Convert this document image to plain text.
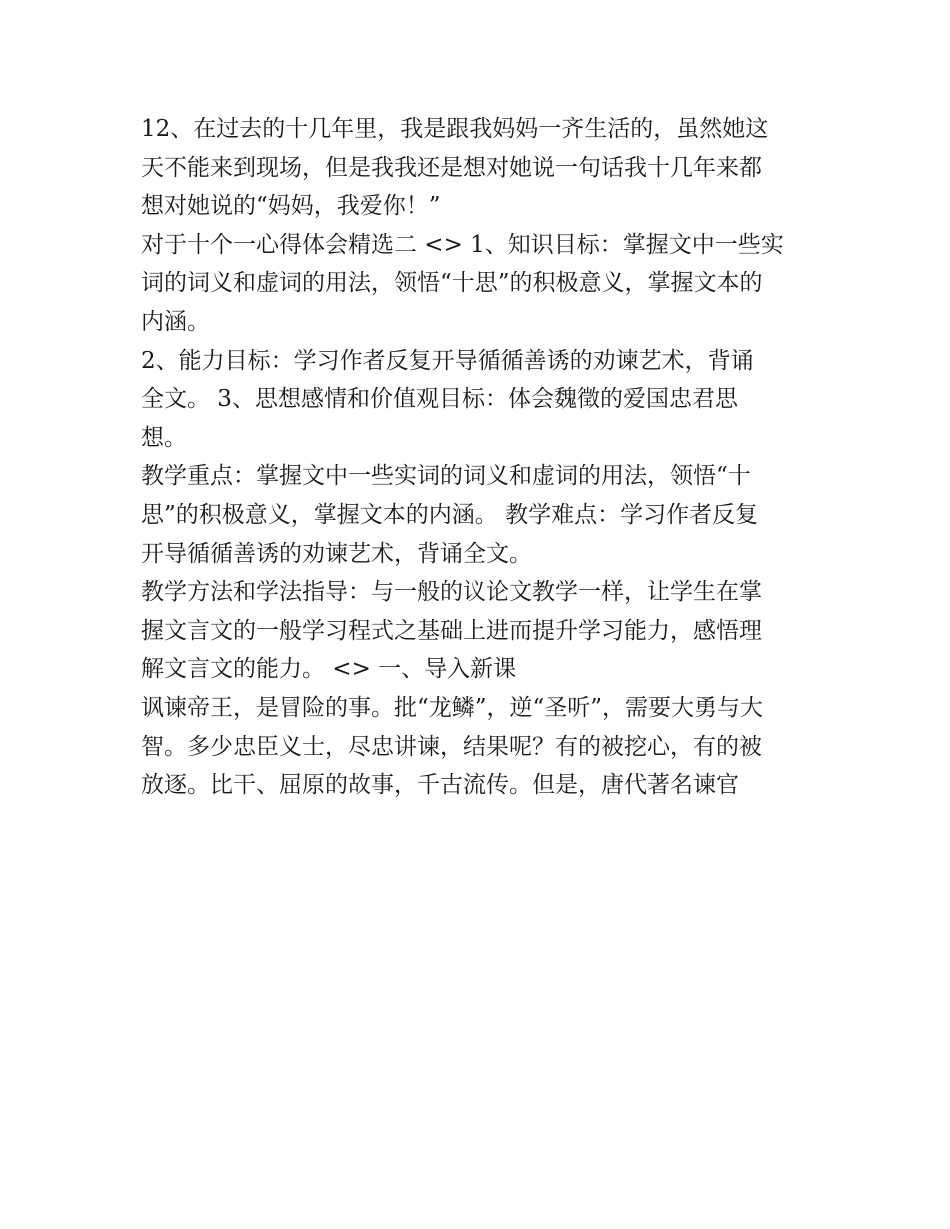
12、在过去的十几年里，我是跟我妈妈一齐生活的，虽然她这
天不能来到现场，但是我我还是想对她说一句话我十几年来都
想对她说的“妈妈，我爱你！”
对于十个一心得体会精选二 <> 1、知识目标：掌握文中一些实
词的词义和虚词的用法，领悟“十思”的积极意义，掌握文本的
内涵。
2、能力目标：学习作者反复开导循循善诱的劝谏艺术，背诵
全文。 3、思想感情和价值观目标：体会魏徵的爱国忠君思
想。
教学重点：掌握文中一些实词的词义和虚词的用法，领悟“十
思”的积极意义，掌握文本的内涵。 教学难点：学习作者反复
开导循循善诱的劝谏艺术，背诵全文。
教学方法和学法指导：与一般的议论文教学一样，让学生在掌
握文言文的一般学习程式之基础上进而提升学习能力，感悟理
解文言文的能力。 <> 一、导入新课
讽谏帝王，是冒险的事。批“龙鳞”，逆“圣听”，需要大勇与大
智。多少忠臣义士，尽忠讲谏，结果呢？有的被挖心，有的被
放逐。比干、屈原的故事，千古流传。但是，唐代著名谏官
